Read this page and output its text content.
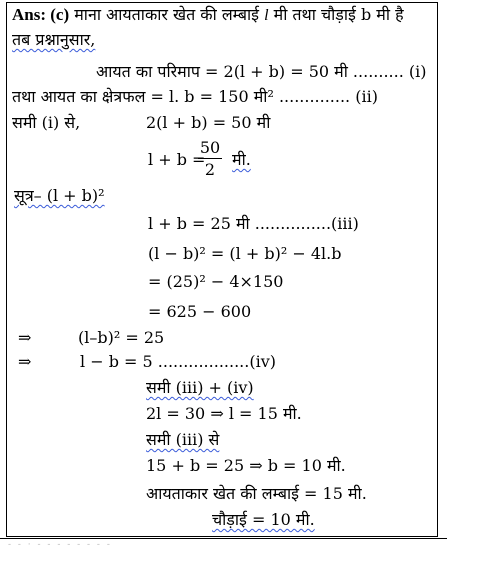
Ans: (c) माना आयताकार खेत की लम्बाई l मी तथा चौड़ाई b मी है
तब प्रश्नानुसार,
आयत का परिमाप = 2(l + b) = 50 मी .......... (i)
तथा आयत का क्षेत्रफल = l. b = 150 मी² .............. (ii)
समी (i) से,	2(l + b) = 50 मी
l + b =
50
2
मी.
सूत्र– (l + b)²
l + b = 25 मी ...............(iii)
(l − b)² = (l + b)² − 4l.b
= (25)² − 4×150
= 625 − 600
⇒	(l–b)² = 25
⇒	l − b = 5 ..................(iv)
समी (iii) + (iv)
2l = 30 ⇒ l = 15 मी.
समी (iii) से
15 + b = 25 ⇒ b = 10 मी.
आयताकार खेत की लम्बाई = 15 मी.
चौड़ाई = 10 मी.
- - · - - - - - - - -
